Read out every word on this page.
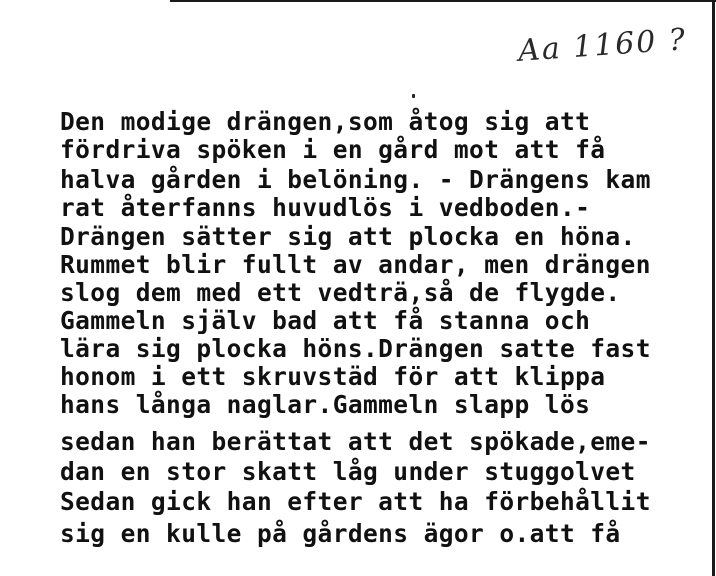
Aa 1160 ?
Den modige drängen,som åtog sig att
fördriva spöken i en gård mot att få
halva gården i belöning. - Drängens kam
rat återfanns huvudlös i vedboden.-
Drängen sätter sig att plocka en höna.
Rummet blir fullt av andar, men drängen
slog dem med ett vedträ,så de flygde.
Gammeln själv bad att få stanna och
lära sig plocka höns.Drängen satte fast
honom i ett skruvstäd för att klippa
hans långa naglar.Gammeln slapp lös
sedan han berättat att det spökade,eme-
dan en stor skatt låg under stuggolvet
Sedan gick han efter att ha förbehållit
sig en kulle på gårdens ägor o.att få
